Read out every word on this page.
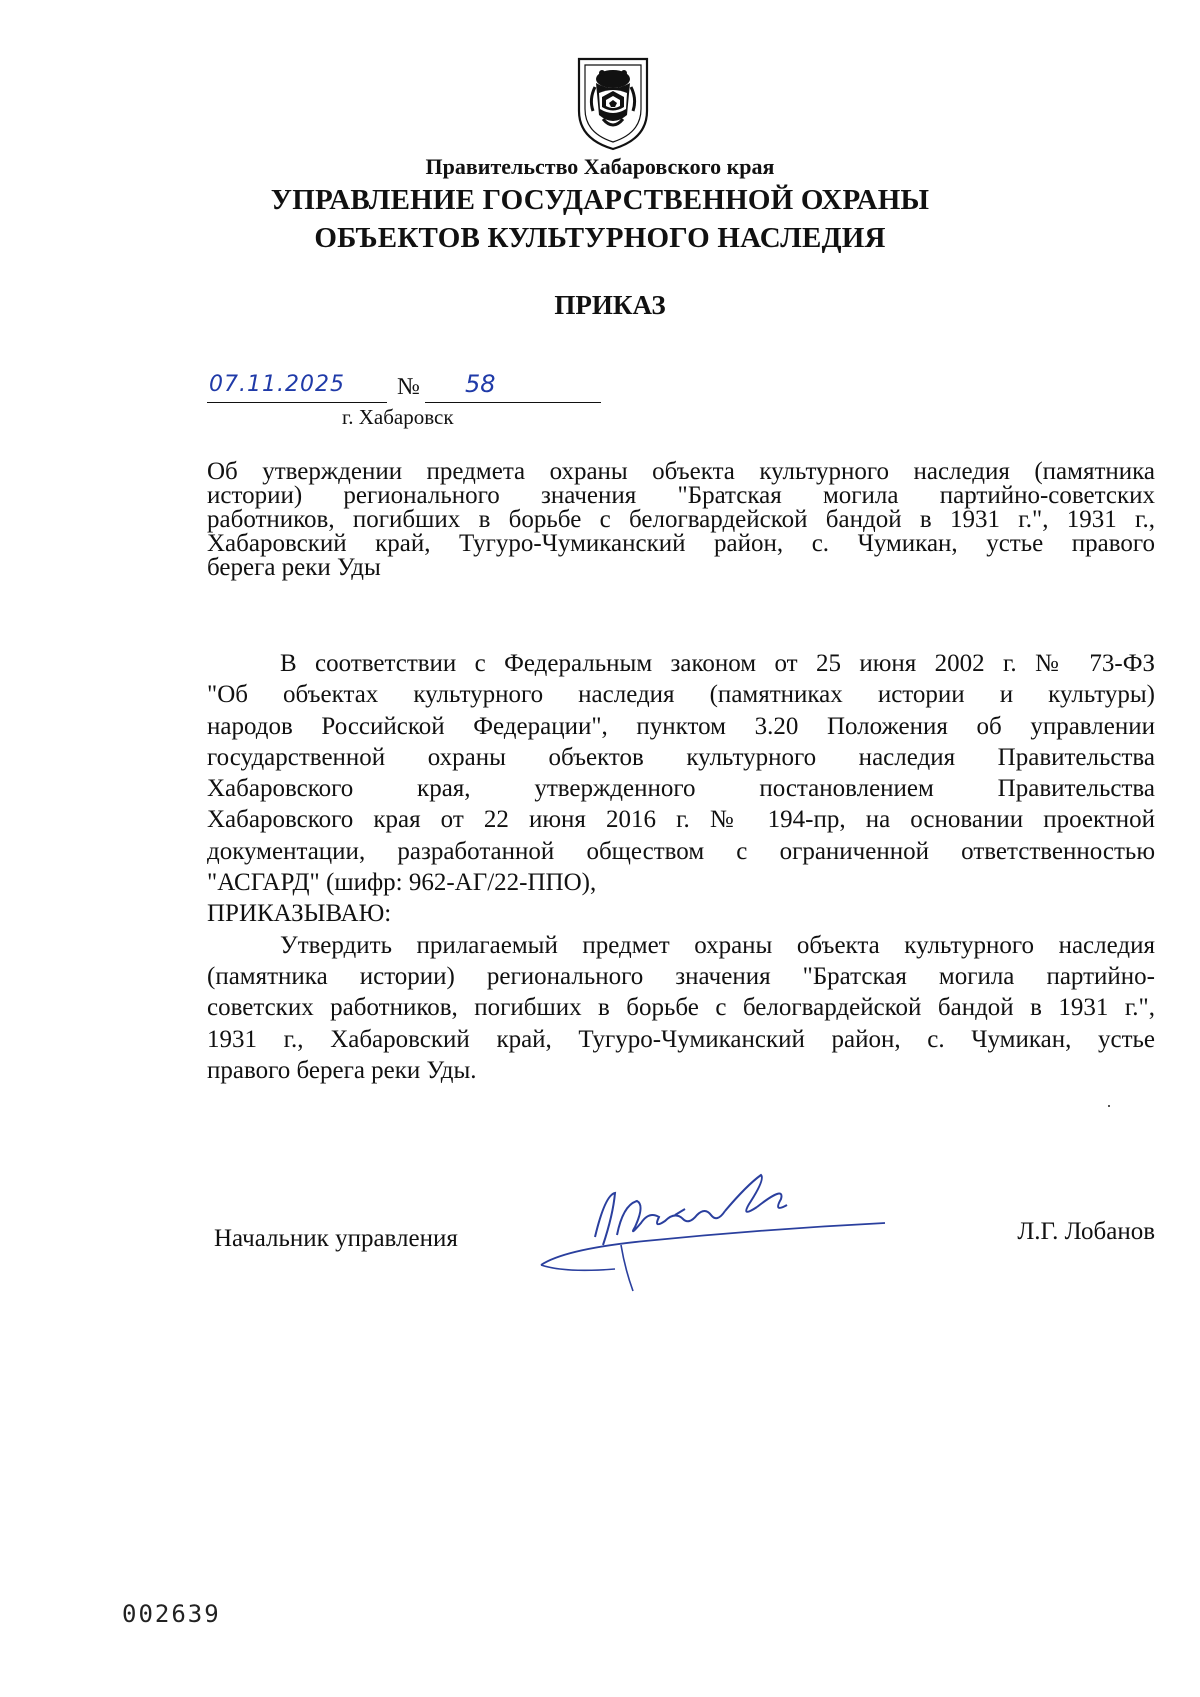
Правительство Хабаровского края
УПРАВЛЕНИЕ ГОСУДАРСТВЕННОЙ ОХРАНЫ
ОБЪЕКТОВ КУЛЬТУРНОГО НАСЛЕДИЯ
ПРИКАЗ
07.11.2025 № 58
г. Хабаровск
Об утверждении предмета охраны объекта культурного наследия (памятника
истории) регионального значения "Братская могила партийно-советских
работников, погибших в борьбе с белогвардейской бандой в 1931 г.", 1931 г.,
Хабаровский край, Тугуро-Чумиканский район, с. Чумикан, устье правого
берега реки Уды
В соответствии с Федеральным законом от 25 июня 2002 г. № 73-ФЗ
"Об объектах культурного наследия (памятниках истории и культуры)
народов Российской Федерации", пунктом 3.20 Положения об управлении
государственной охраны объектов культурного наследия Правительства
Хабаровского края, утвержденного постановлением Правительства
Хабаровского края от 22 июня 2016 г. № 194-пр, на основании проектной
документации, разработанной обществом с ограниченной ответственностью
"АСГАРД" (шифр: 962-АГ/22-ППО),
ПРИКАЗЫВАЮ:
Утвердить прилагаемый предмет охраны объекта культурного наследия
(памятника истории) регионального значения "Братская могила партийно-
советских работников, погибших в борьбе с белогвардейской бандой в 1931 г.",
1931 г., Хабаровский край, Тугуро-Чумиканский район, с. Чумикан, устье
правого берега реки Уды.
Начальник управления	Л.Г. Лобанов
002639
